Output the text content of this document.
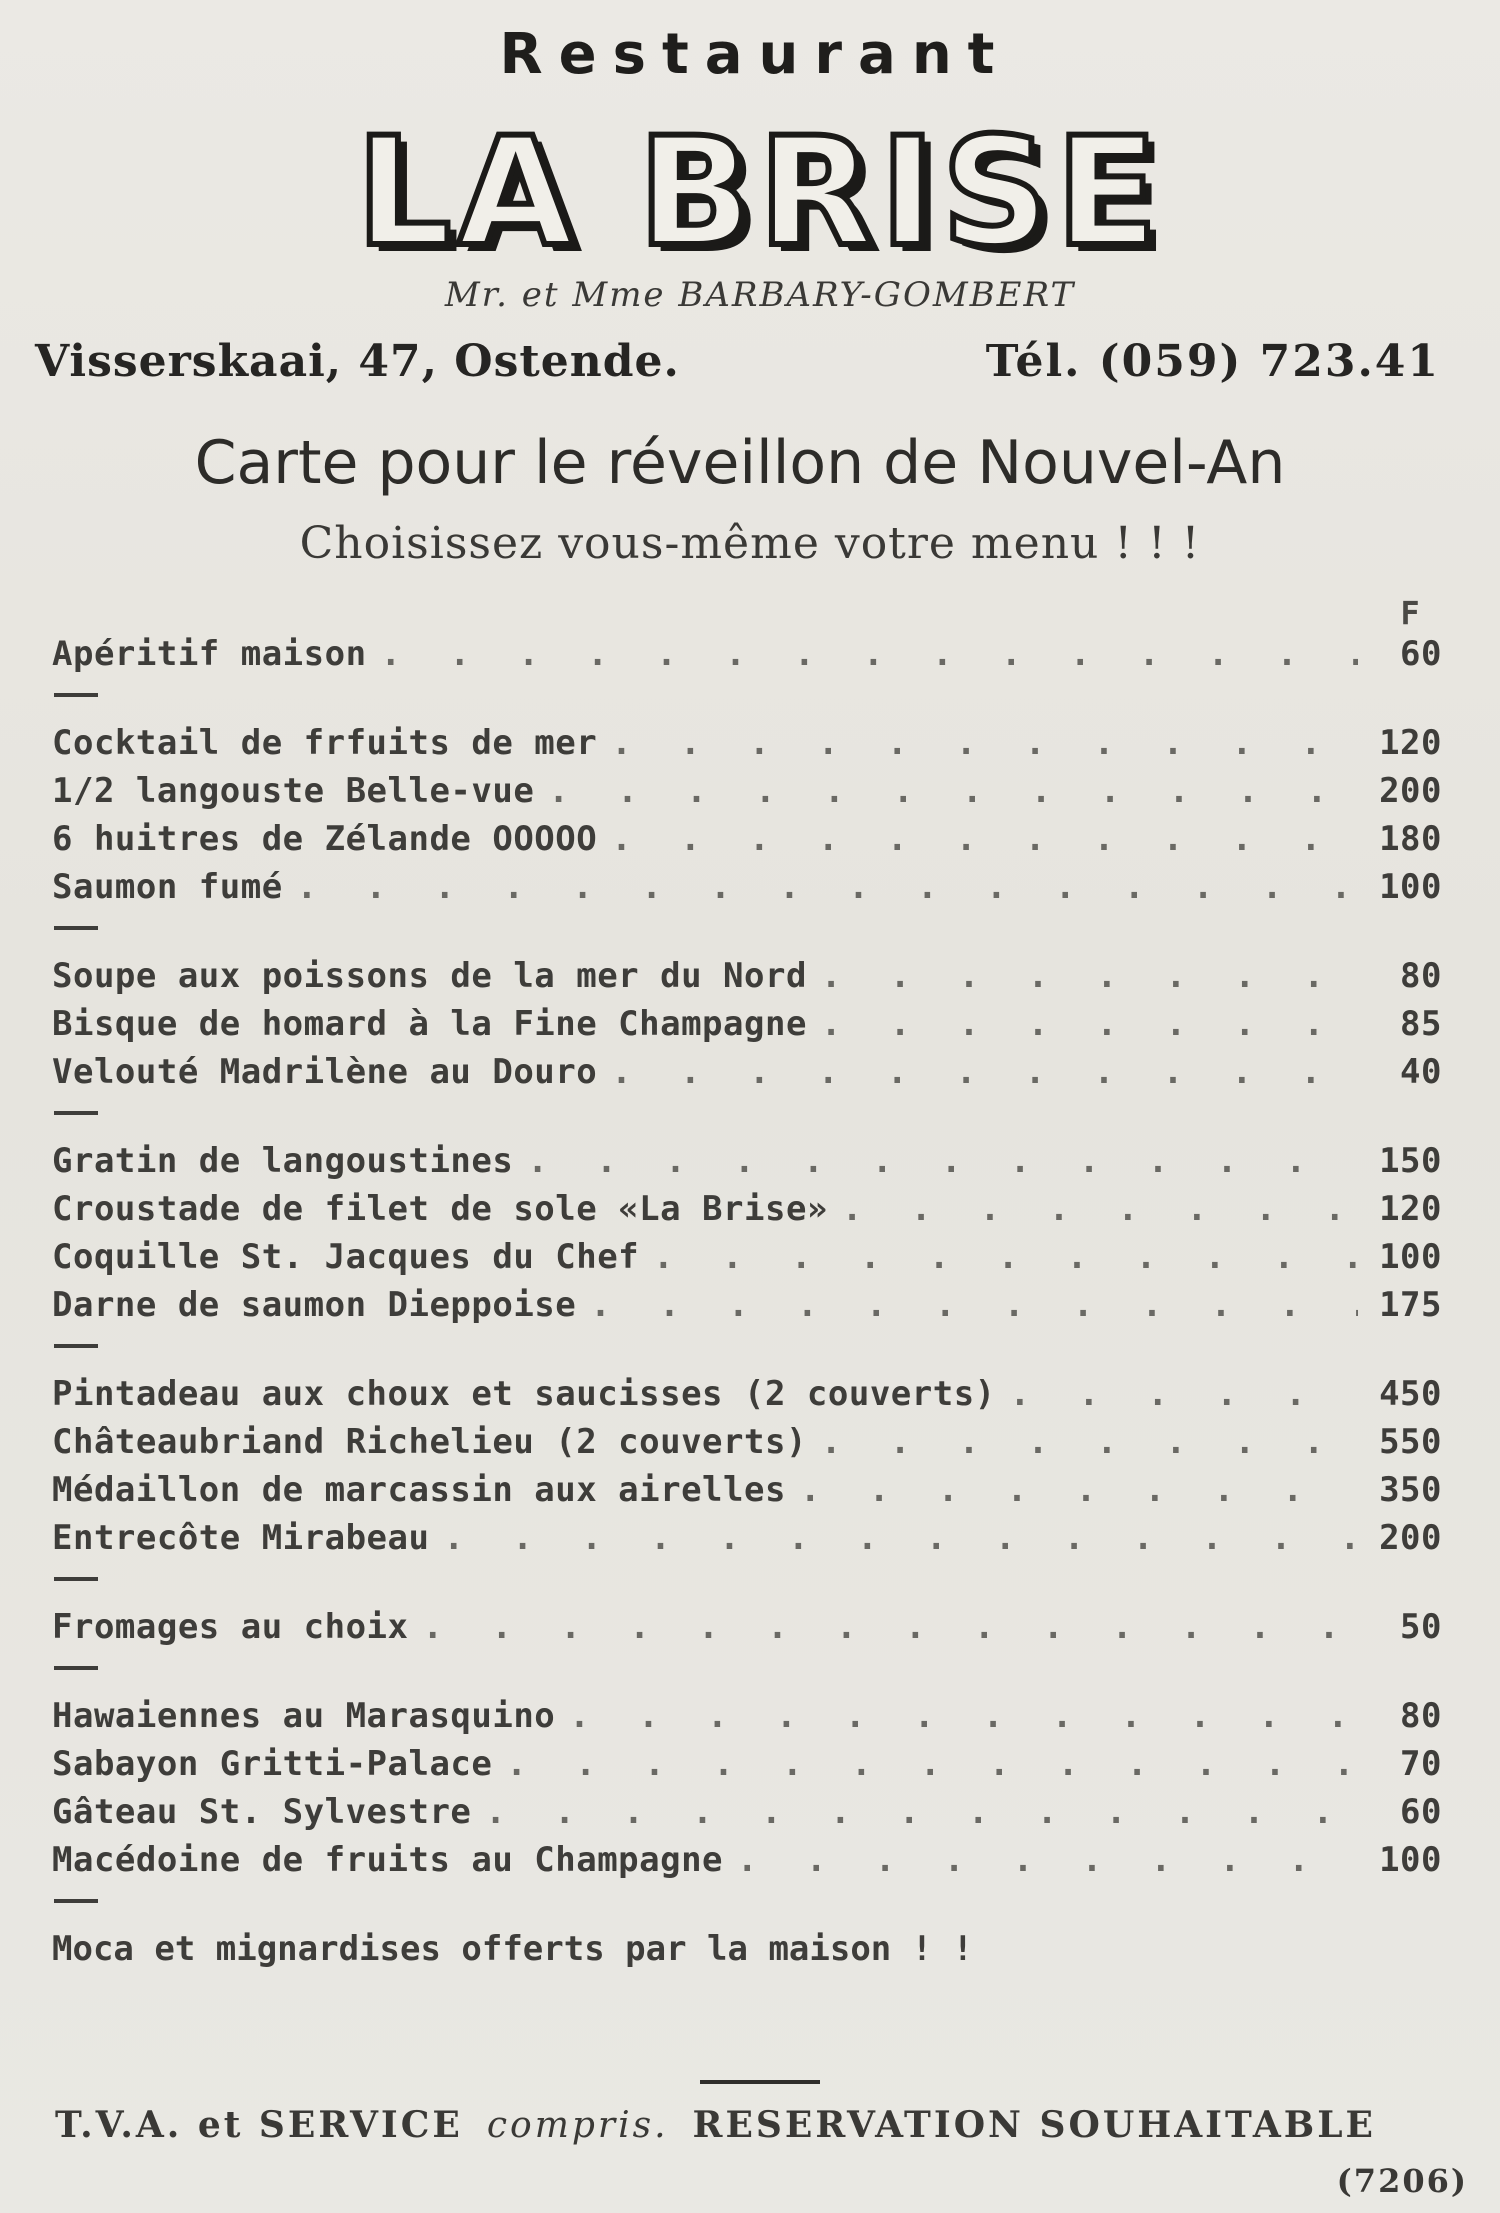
Restaurant
LA BRISE
Mr. et Mme BARBARY-GOMBERT
Visserskaai, 47, Ostende.	Tél. (059) 723.41
Carte pour le réveillon de Nouvel-An
Choisissez vous-même votre menu ! ! !
F
Apéritif maison . . .	60
Cocktail de frfuits de mer . . .	120
1/2 langouste Belle-vue . . .	200
6 huitres de Zélande OOOOO . . .	180
Saumon fumé . . .	100
Soupe aux poissons de la mer du Nord . . .	80
Bisque de homard à la Fine Champagne . . .	85
Velouté Madrilène au Douro . . .	40
Gratin de langoustines . . .	150
Croustade de filet de sole «La Brise» . . .	120
Coquille St. Jacques du Chef . . .	100
Darne de saumon Dieppoise . . .	175
Pintadeau aux choux et saucisses (2 couverts) . . .	450
Châteaubriand Richelieu (2 couverts) . . .	550
Médaillon de marcassin aux airelles . . .	350
Entrecôte Mirabeau . . .	200
Fromages au choix . . .	50
Hawaiennes au Marasquino . . .	80
Sabayon Gritti-Palace . . .	70
Gâteau St. Sylvestre . . .	60
Macédoine de fruits au Champagne . . .	100
Moca et mignardises offerts par la maison ! !
T.V.A. et SERVICE compris. RESERVATION SOUHAITABLE
(7206)
